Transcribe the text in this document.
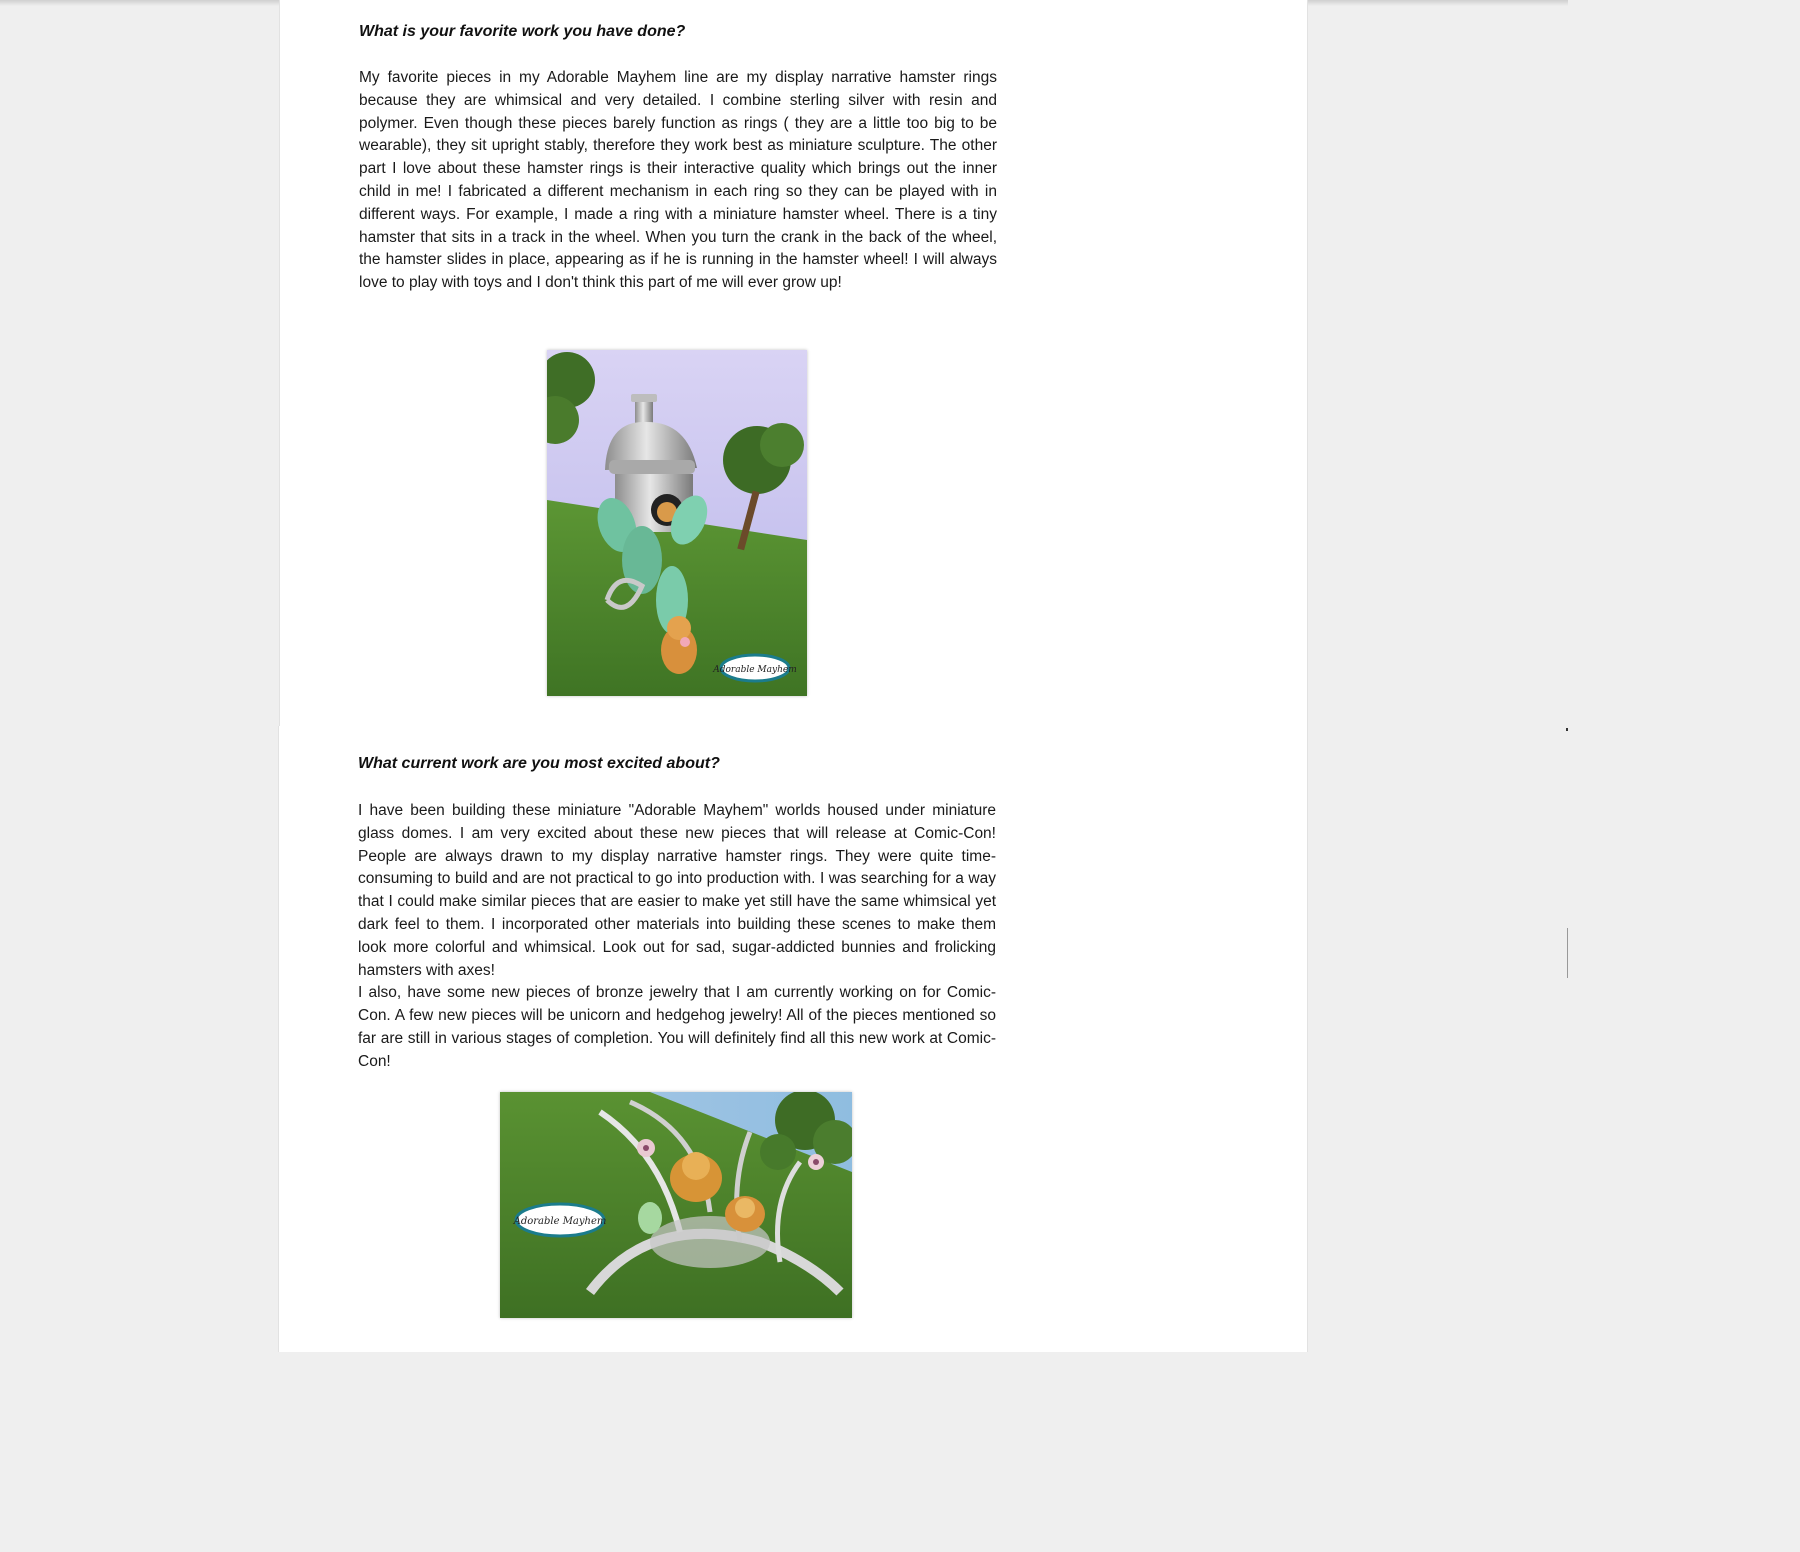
What is your favorite work you have done?

My favorite pieces in my Adorable Mayhem line are my display narrative hamster rings because they are whimsical and very detailed. I combine sterling silver with resin and polymer. Even though these pieces barely function as rings ( they are a little too big to be wearable), they sit upright stably, therefore they work best as miniature sculpture. The other part I love about these hamster rings is their interactive quality which brings out the inner child in me! I fabricated a different mechanism in each ring so they can be played with in different ways. For example, I made a ring with a miniature hamster wheel. There is a tiny hamster that sits in a track in the wheel. When you turn the crank in the back of the wheel, the hamster slides in place, appearing as if he is running in the hamster wheel! I will always love to play with toys and I don't think this part of me will ever grow up!

Adorable Mayhem

What current work are you most excited about?

I have been building these miniature "Adorable Mayhem" worlds housed under miniature glass domes. I am very excited about these new pieces that will release at Comic-Con! People are always drawn to my display narrative hamster rings. They were quite time-consuming to build and are not practical to go into production with. I was searching for a way that I could make similar pieces that are easier to make yet still have the same whimsical yet dark feel to them. I incorporated other materials into building these scenes to make them look more colorful and whimsical. Look out for sad, sugar-addicted bunnies and frolicking hamsters with axes!

I also, have some new pieces of bronze jewelry that I am currently working on for Comic-Con. A few new pieces will be unicorn and hedgehog jewelry! All of the pieces mentioned so far are still in various stages of completion. You will definitely find all this new work at Comic-Con!

Adorable Mayhem
